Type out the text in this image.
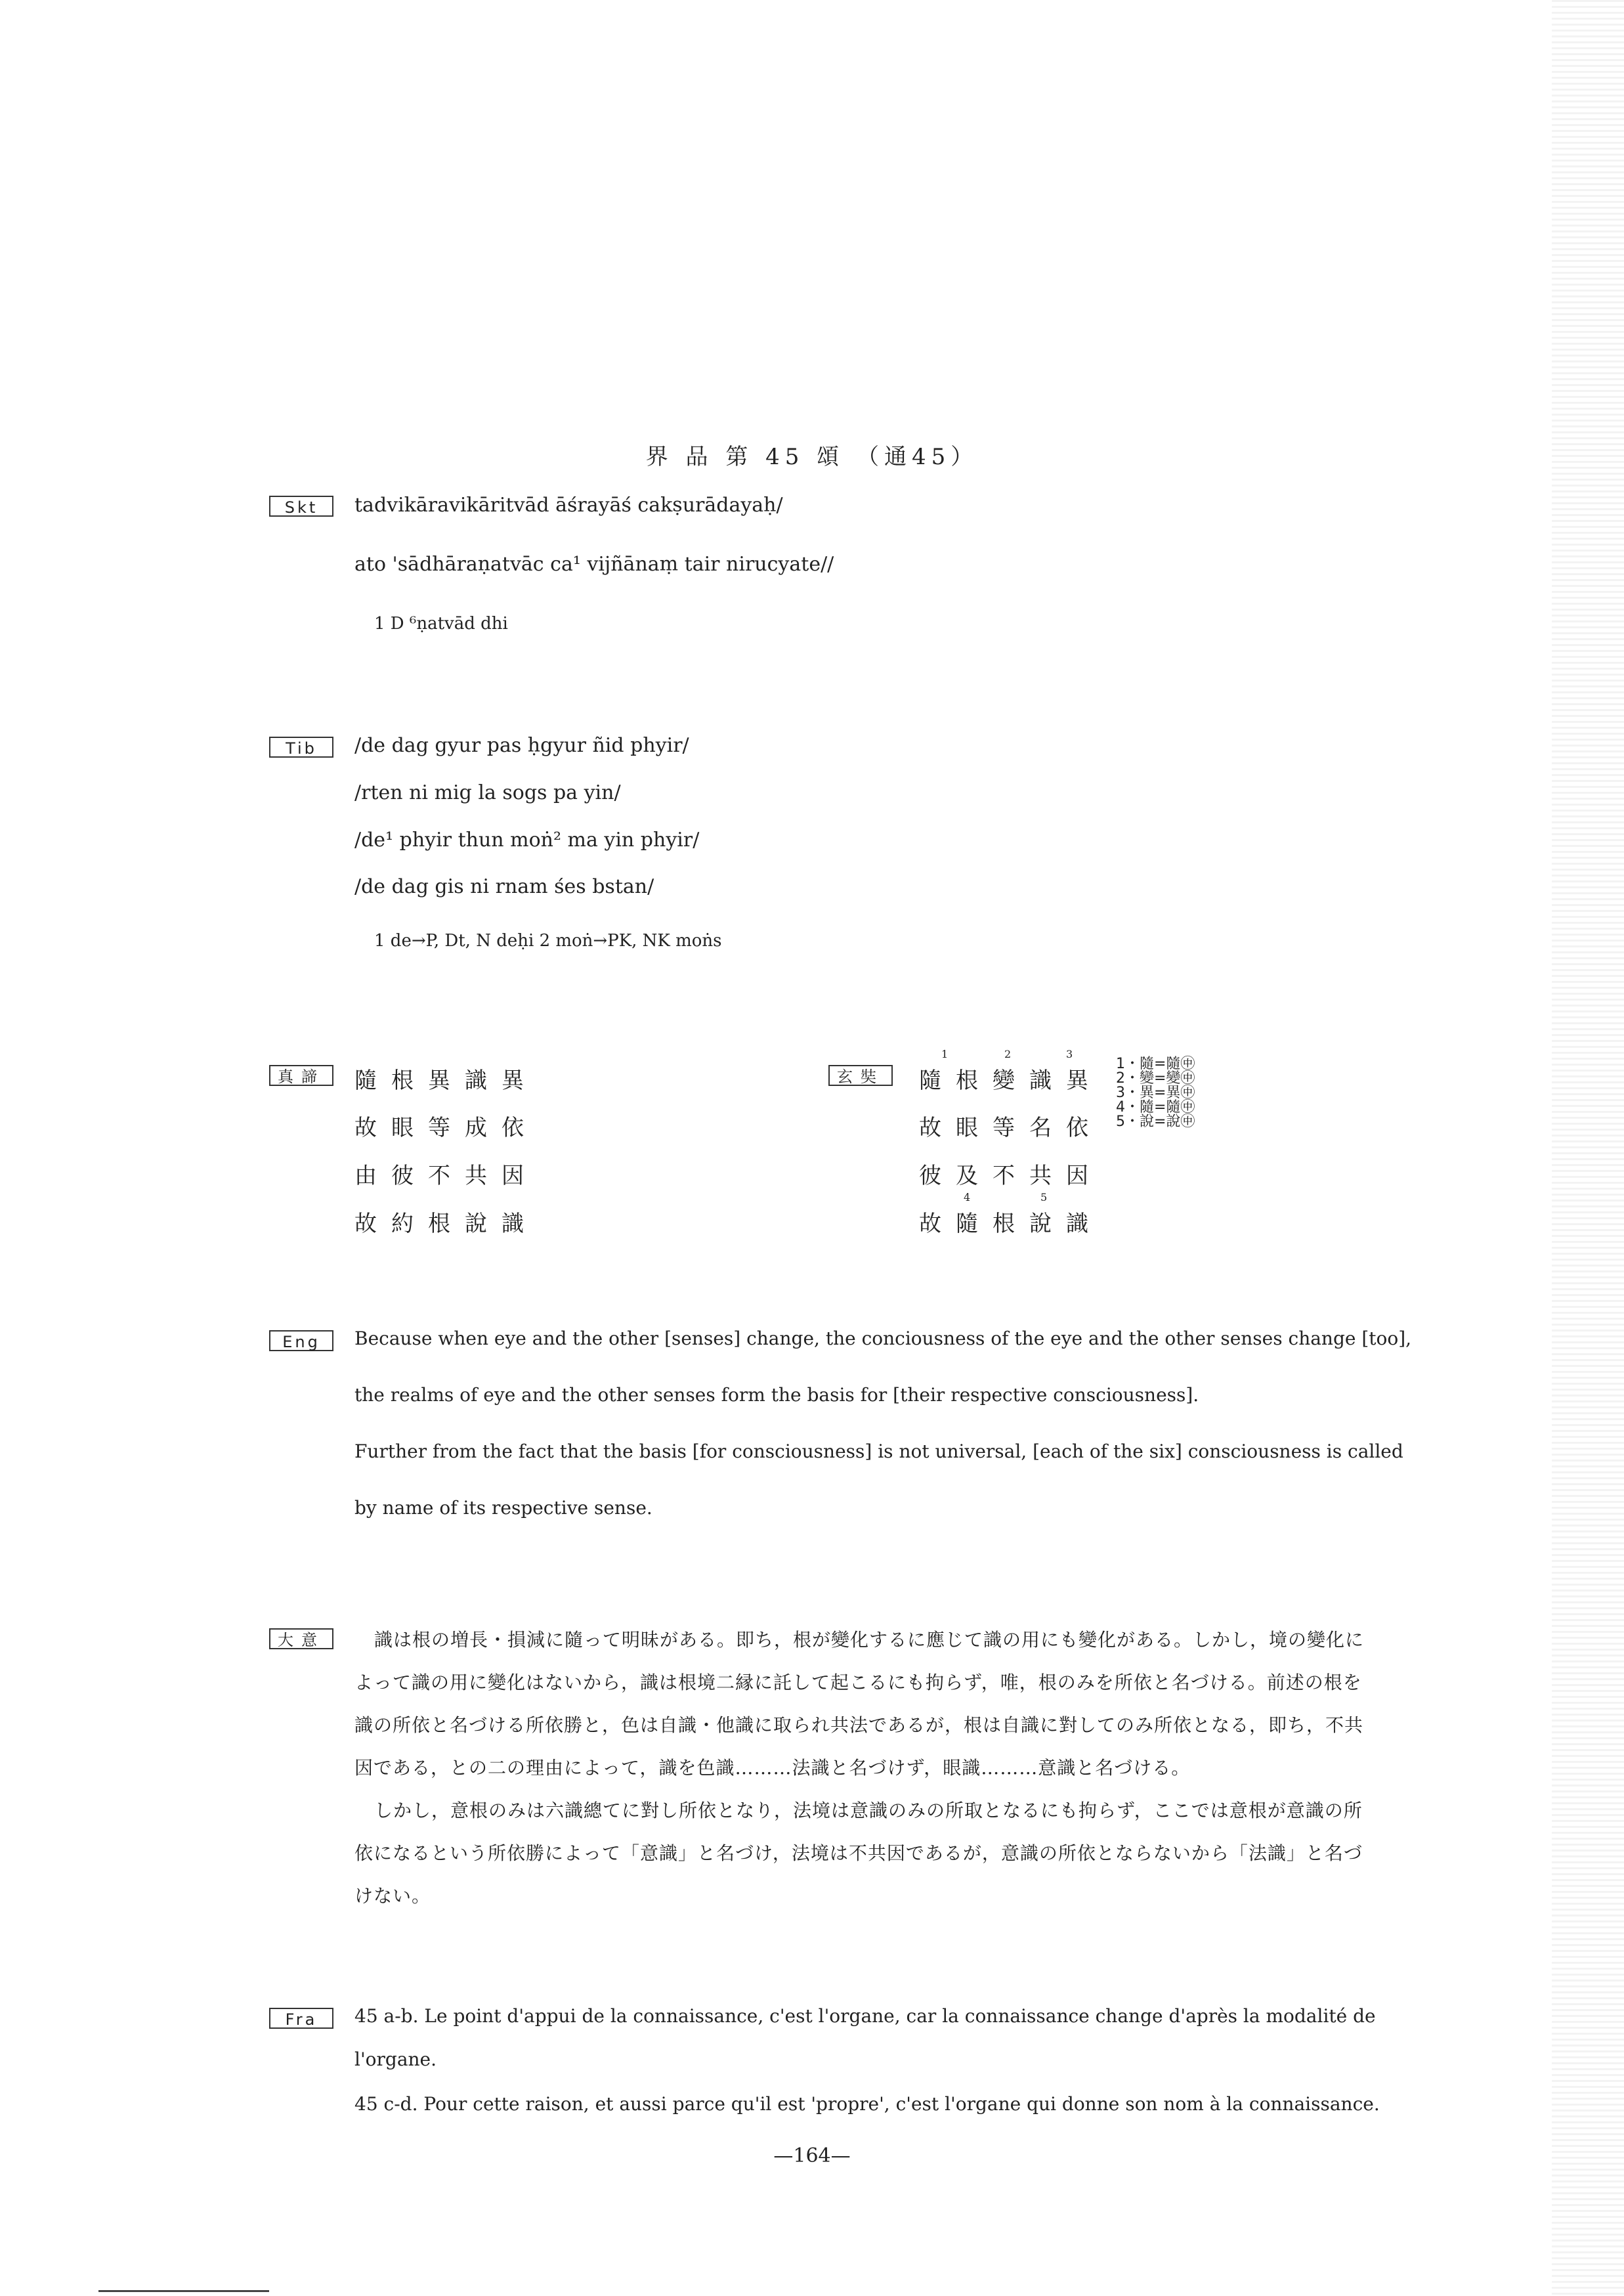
界 品 第 45 頌 （通45）
Skt	tadvikāravikāritvād āśrayāś cakṣurādayaḥ/
ato 'sādhāraṇatvāc ca¹ vijñānaṃ tair nirucyate//
1 D ⁶ṇatvād dhi
Tib	/de dag gyur pas ḥgyur ñid phyir/
/rten ni mig la sogs pa yin/
/de¹ phyir thun moṅ² ma yin phyir/
/de dag gis ni rnam śes bstan/
1 de→P, Dt, N deḥi 2 moṅ→PK, NK moṅs
真諦	隨根異識異
故眼等成依
由彼不共因
故約根說識
玄奘
1	2	3
隨根變識異
故眼等名依
彼及不共因
4	5
故隨根說識
1・隨=隨㊥
2・變=變㊥
3・異=異㊥
4・隨=隨㊥
5・說=說㊥
Eng	Because when eye and the other [senses] change, the conciousness of the eye and the other senses change [too],
the realms of eye and the other senses form the basis for [their respective consciousness].
Further from the fact that the basis [for consciousness] is not universal, [each of the six] consciousness is called
by name of its respective sense.
大意	識は根の増長・損減に隨って明昧がある。即ち，根が變化するに應じて識の用にも變化がある。しかし，境の變化に
よって識の用に變化はないから，識は根境二縁に託して起こるにも拘らず，唯，根のみを所依と名づける。前述の根を
識の所依と名づける所依勝と，色は自識・他識に取られ共法であるが，根は自識に對してのみ所依となる，即ち，不共
因である，との二の理由によって，識を色識………法識と名づけず，眼識………意識と名づける。
しかし，意根のみは六識總てに對し所依となり，法境は意識のみの所取となるにも拘らず，ここでは意根が意識の所
依になるという所依勝によって「意識」と名づけ，法境は不共因であるが，意識の所依とならないから「法識」と名づ
けない。
Fra	45 a-b. Le point d'appui de la connaissance, c'est l'organe, car la connaissance change d'après la modalité de
l'organe.
45 c-d. Pour cette raison, et aussi parce qu'il est 'propre', c'est l'organe qui donne son nom à la connaissance.
—164—
